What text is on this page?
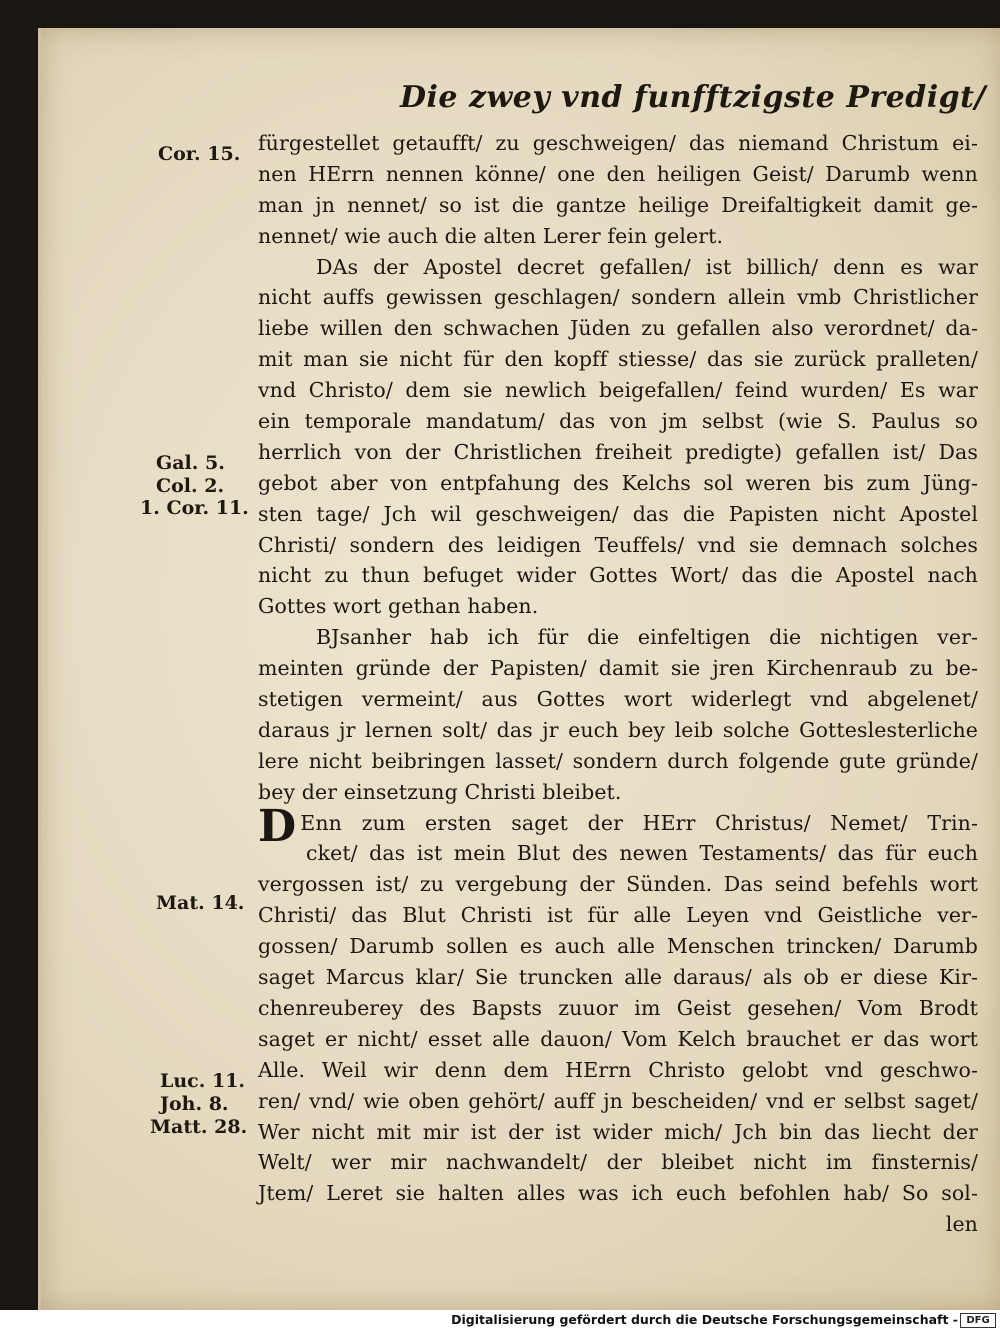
Die zwey vnd funfftzigste Predigt/
Cor. 15.
Gal. 5.
Col. 2.
1. Cor. 11.
Mat. 14.
Luc. 11.
Joh. 8.
Matt. 28.
fürgestellet getaufft/ zu geschweigen/ das niemand Christum ei-
nen HErrn nennen könne/ one den heiligen Geist/ Darumb wenn
man jn nennet/ so ist die gantze heilige Dreifaltigkeit damit ge-
nennet/ wie auch die alten Lerer fein gelert.
DAs der Apostel decret gefallen/ ist billich/ denn es war
nicht auffs gewissen geschlagen/ sondern allein vmb Christlicher
liebe willen den schwachen Jüden zu gefallen also verordnet/ da-
mit man sie nicht für den kopff stiesse/ das sie zurück pralleten/
vnd Christo/ dem sie newlich beigefallen/ feind wurden/ Es war
ein temporale mandatum/ das von jm selbst (wie S. Paulus so
herrlich von der Christlichen freiheit predigte) gefallen ist/ Das
gebot aber von entpfahung des Kelchs sol weren bis zum Jüng-
sten tage/ Jch wil geschweigen/ das die Papisten nicht Apostel
Christi/ sondern des leidigen Teuffels/ vnd sie demnach solches
nicht zu thun befuget wider Gottes Wort/ das die Apostel nach
Gottes wort gethan haben.
BJsanher hab ich für die einfeltigen die nichtigen ver-
meinten gründe der Papisten/ damit sie jren Kirchenraub zu be-
stetigen vermeint/ aus Gottes wort widerlegt vnd abgelenet/
daraus jr lernen solt/ das jr euch bey leib solche Gotteslesterliche
lere nicht beibringen lasset/ sondern durch folgende gute gründe/
bey der einsetzung Christi bleibet.
D Enn zum ersten saget der HErr Christus/ Nemet/ Trin-
cket/ das ist mein Blut des newen Testaments/ das für euch
vergossen ist/ zu vergebung der Sünden. Das seind befehls wort
Christi/ das Blut Christi ist für alle Leyen vnd Geistliche ver-
gossen/ Darumb sollen es auch alle Menschen trincken/ Darumb
saget Marcus klar/ Sie truncken alle daraus/ als ob er diese Kir-
chenreuberey des Bapsts zuuor im Geist gesehen/ Vom Brodt
saget er nicht/ esset alle dauon/ Vom Kelch brauchet er das wort
Alle. Weil wir denn dem HErrn Christo gelobt vnd geschwo-
ren/ vnd/ wie oben gehört/ auff jn bescheiden/ vnd er selbst saget/
Wer nicht mit mir ist der ist wider mich/ Jch bin das liecht der
Welt/ wer mir nachwandelt/ der bleibet nicht im finsternis/
Jtem/ Leret sie halten alles was ich euch befohlen hab/ So sol-
len
Digitalisierung gefördert durch die Deutsche Forschungsgemeinschaft - DFG
